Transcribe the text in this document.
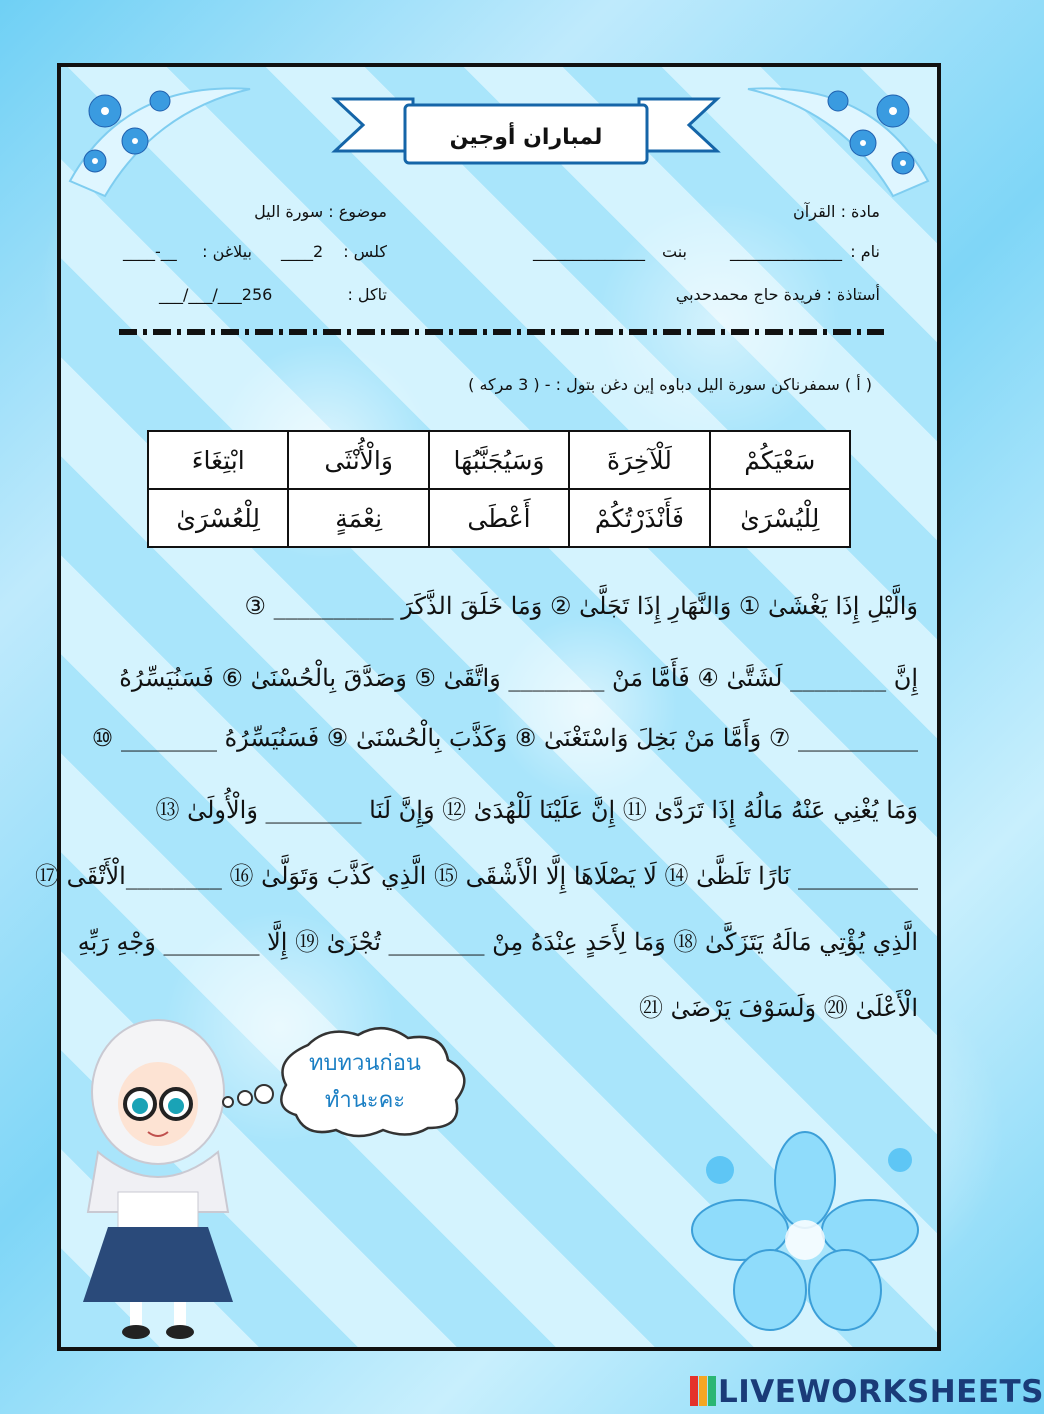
لمباران أوجين
مادة : القرآن
موضوع : سورة اليل
نام :
______________
بنت
______________
كلس :
____2
بيلاغن :
____-__
أستاذة : فريدة حاج محمدحدبي
تاكل :
___/___/___256
( أ ) سمفرناكن سورة اليل دباوه إين دغن بتول : - ( 3 مركه )
سَعْيَكُمْ	لَلْآخِرَةَ	وَسَيُجَنَّبُهَا	وَالْأُنْثَى	ابْتِغَاءَ
لِلْيُسْرَىٰ	فَأَنْذَرْتُكُمْ	أَعْطَى	نِعْمَةٍ	لِلْعُسْرَىٰ
وَالَّيْلِ إِذَا يَغْشَىٰ ① وَالنَّهَارِ إِذَا تَجَلَّىٰ ② وَمَا خَلَقَ الذَّكَرَ __________ ③
إِنَّ ________ لَشَتَّىٰ ④ فَأَمَّا مَنْ ________ وَاتَّقَىٰ ⑤ وَصَدَّقَ بِالْحُسْنَىٰ ⑥ فَسَنُيَسِّرُهُ
__________ ⑦ وَأَمَّا مَنْ بَخِلَ وَاسْتَغْنَىٰ ⑧ وَكَذَّبَ بِالْحُسْنَىٰ ⑨ فَسَنُيَسِّرُهُ ________ ⑩
وَمَا يُغْنِي عَنْهُ مَالُهُ إِذَا تَرَدَّىٰ ⑪ إِنَّ عَلَيْنَا لَلْهُدَىٰ ⑫ وَإِنَّ لَنَا ________ وَالْأُولَىٰ ⑬
__________ نَارًا تَلَظَّىٰ ⑭ لَا يَصْلَاهَا إِلَّا الْأَشْقَى ⑮ الَّذِي كَذَّبَ وَتَوَلَّىٰ ⑯ ________الْأَتْقَى ⑰
الَّذِي يُؤْتِي مَالَهُ يَتَزَكَّىٰ ⑱ وَمَا لِأَحَدٍ عِنْدَهُ مِنْ ________ تُجْزَىٰ ⑲ إِلَّا ________ وَجْهِ رَبِّهِ
الْأَعْلَىٰ ⑳ وَلَسَوْفَ يَرْضَىٰ ㉑
ทบทวนก่อน
ทำนะคะ
LIVEWORKSHEETS
